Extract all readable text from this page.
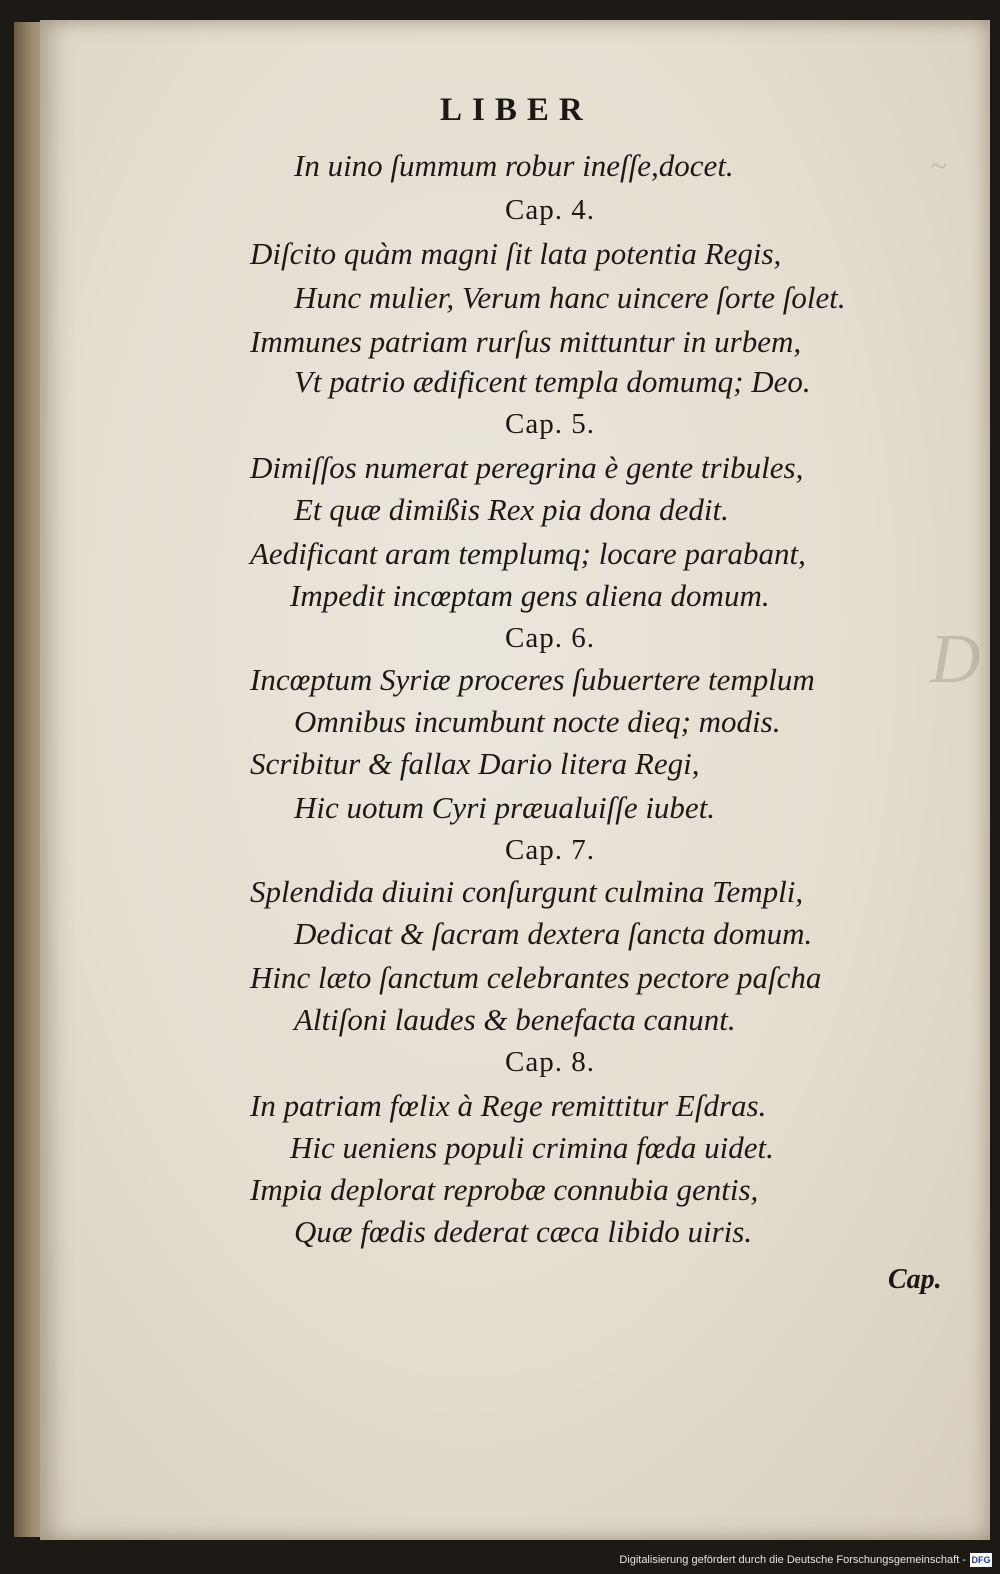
~
D
LIBER
In uino ſummum robur ineſſe,docet.
Cap. 4.
Diſcito quàm magni ſit lata potentia Regis,
Hunc mulier, Verum hanc uincere ſorte ſolet.
Immunes patriam rurſus mittuntur in urbem,
Vt patrio ædificent templa domumq; Deo.
Cap. 5.
Dimiſſos numerat peregrina è gente tribules,
Et quæ dimißis Rex pia dona dedit.
Aedificant aram templumq; locare parabant,
Impedit incœptam gens aliena domum.
Cap. 6.
Incœptum Syriæ proceres ſubuertere templum
Omnibus incumbunt nocte dieq; modis.
Scribitur & fallax Dario litera Regi,
Hic uotum Cyri præualuiſſe iubet.
Cap. 7.
Splendida diuini conſurgunt culmina Templi,
Dedicat & ſacram dextera ſancta domum.
Hinc læto ſanctum celebrantes pectore paſcha
Altiſoni laudes & benefacta canunt.
Cap. 8.
In patriam fœlix à Rege remittitur Eſdras.
Hic ueniens populi crimina fœda uidet.
Impia deplorat reprobæ connubia gentis,
Quæ fœdis dederat cæca libido uiris.
Cap.
Digitalisierung gefördert durch die Deutsche Forschungsgemeinschaft - DFG
